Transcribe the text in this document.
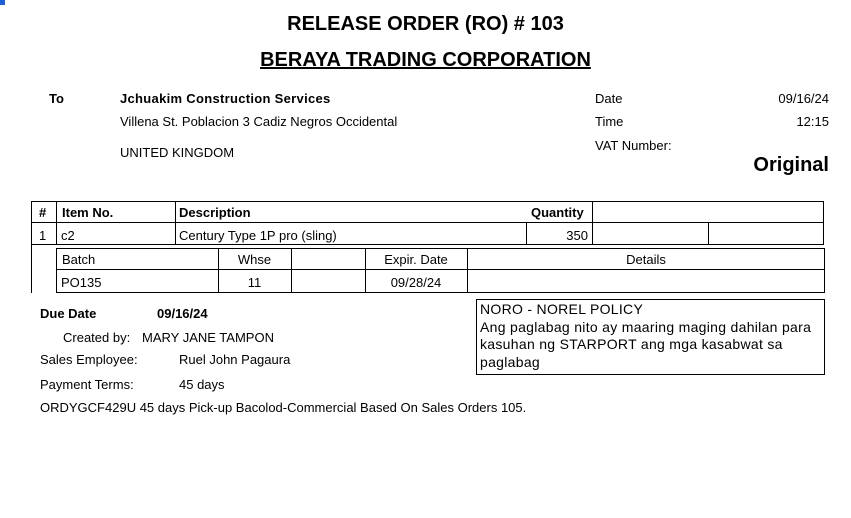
RELEASE ORDER (RO) # 103
BERAYA TRADING CORPORATION
To	Jchuakim Construction Services
Villena St. Poblacion 3 Cadiz Negros Occidental
UNITED KINGDOM
Date	09/16/24
Time	12:15
VAT Number:
Original
# Item No.	Description	Quantity
1 c2	Century Type 1P pro (sling)	350
Batch	Whse	Expir. Date	Details
PO135	11	09/28/24
Due Date	09/16/24
Created by: MARY JANE TAMPON
Sales Employee:	Ruel John Pagaura
Payment Terms:	45 days
ORDYGCF429U 45 days Pick-up Bacolod-Commercial Based On Sales Orders 105.
NORO - NOREL POLICY
Ang paglabag nito ay maaring maging dahilan para kasuhan ng STARPORT ang mga kasabwat sa paglabag
